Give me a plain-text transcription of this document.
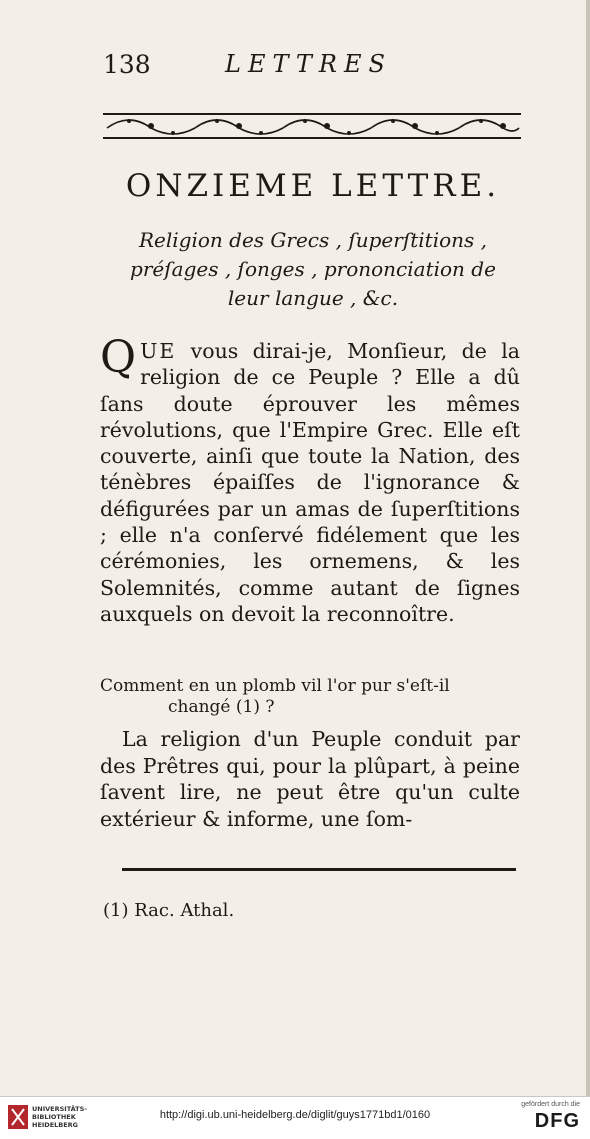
138	LETTRES
ONZIEME LETTRE.
Religion des Grecs , ſuperſtitions ,
préſages , ſonges , prononciation de
leur langue , &c.

Q UE vous dirai-je, Monſieur, de la religion de ce Peuple ? Elle a dû ſans doute éprouver les mêmes révolutions, que l'Empire Grec. Elle eſt couverte, ainſi que toute la Nation, des ténèbres épaiſſes de l'ignorance & défigurées par un amas de ſuperſtitions ; elle n'a conſervé fidélement que les cérémonies, les ornemens, & les Solemnités, comme autant de ſignes auxquels on devoit la reconnoître.

Comment en un plomb vil l'or pur s'eſt-il
changé (1) ?
La religion d'un Peuple conduit par des Prêtres qui, pour la plûpart, à peine ſavent lire, ne peut être qu'un culte extérieur & informe, une ſom-
(1) Rac. Athal.
UNIVERSITÄTS-
BIBLIOTHEK
HEIDELBERG
http://digi.ub.uni-heidelberg.de/diglit/guys1771bd1/0160
gefördert durch die
DFG
